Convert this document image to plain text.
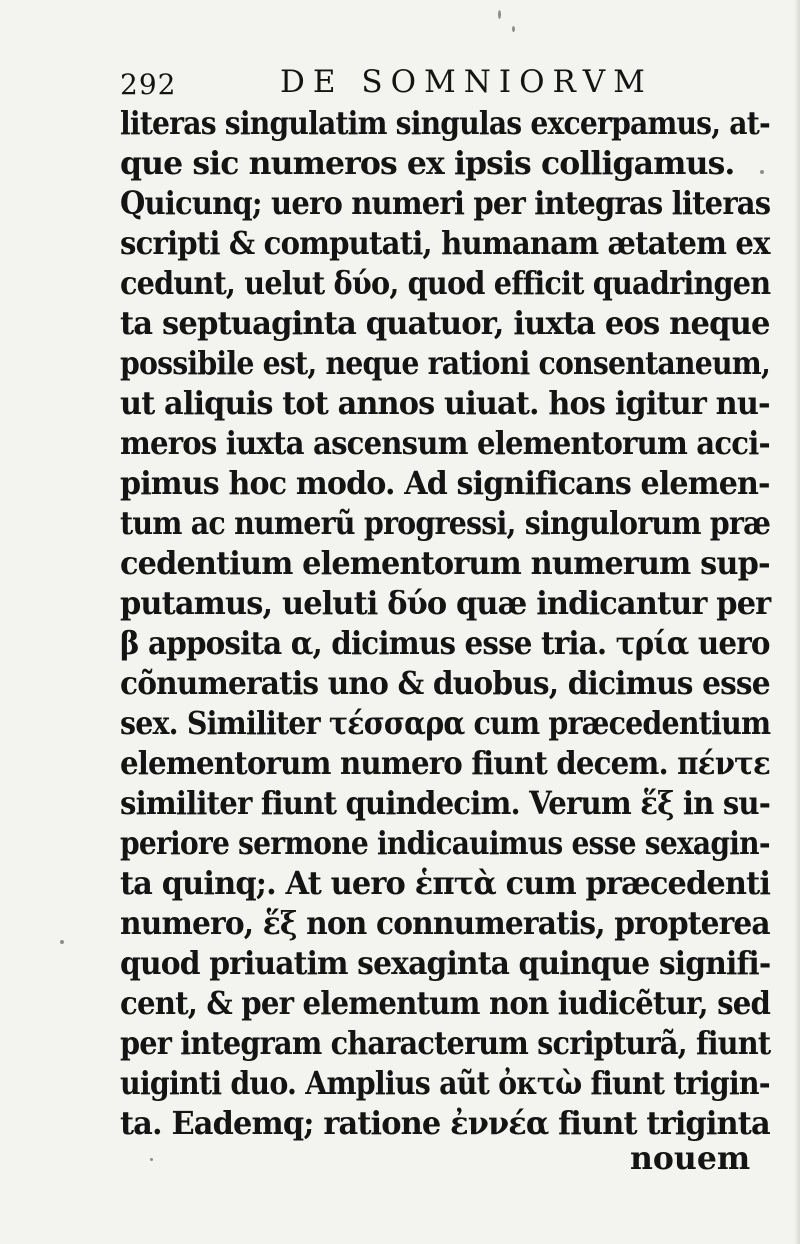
292	DE SOMNIORVM
literas singulatim singulas excerpamus, at-
que sic numeros ex ipsis colligamus.
Quicunq; uero numeri per integras literas
scripti & computati, humanam ætatem ex
cedunt, uelut δύο, quod efficit quadringen
ta septuaginta quatuor, iuxta eos neque
possibile est, neque rationi consentaneum,
ut aliquis tot annos uiuat. hos igitur nu-
meros iuxta ascensum elementorum acci-
pimus hoc modo. Ad significans elemen-
tum ac numerũ progressi, singulorum præ
cedentium elementorum numerum sup-
putamus, ueluti δύο quæ indicantur per
β apposita α, dicimus esse tria. τρία uero
cõnumeratis uno & duobus, dicimus esse
sex. Similiter τέσσαρα cum præcedentium
elementorum numero fiunt decem. πέντε
similiter fiunt quindecim. Verum ἕξ in su-
periore sermone indicauimus esse sexagin-
ta quinq;. At uero ἑπτὰ cum præcedenti
numero, ἕξ non connumeratis, propterea
quod priuatim sexaginta quinque signifi-
cent, & per elementum non iudicẽtur, sed
per integram characterum scripturã, fiunt
uiginti duo. Amplius aũt ὀκτὼ fiunt trigin-
ta. Eademq; ratione ἐννέα fiunt triginta
nouem
